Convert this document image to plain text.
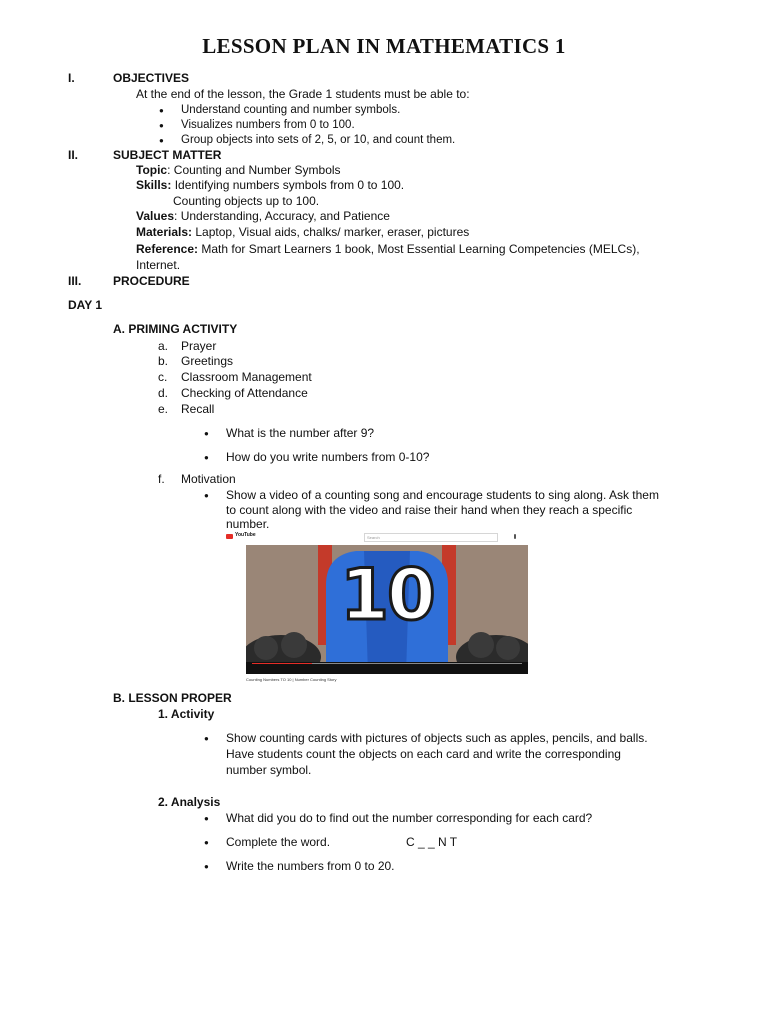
LESSON PLAN IN MATHEMATICS 1
I.	OBJECTIVES
At the end of the lesson, the Grade 1 students must be able to:
● Understand counting and number symbols.
● Visualizes numbers from 0 to 100.
● Group objects into sets of 2, 5, or 10, and count them.
II.	SUBJECT MATTER
Topic: Counting and Number Symbols
Skills: Identifying numbers symbols from 0 to 100.
Counting objects up to 100.
Values: Understanding, Accuracy, and Patience
Materials: Laptop, Visual aids, chalks/ marker, eraser, pictures
Reference: Math for Smart Learners 1 book, Most Essential Learning Competencies (MELCs),
Internet.
III.	PROCEDURE
DAY 1
A. PRIMING ACTIVITY
a. Prayer
b. Greetings
c. Classroom Management
d. Checking of Attendance
e. Recall
● What is the number after 9?
● How do you write numbers from 0-10?
f. Motivation
● Show a video of a counting song and encourage students to sing along. Ask them
to count along with the video and raise their hand when they reach a specific
number.
YouTube	Search
10
Counting Numbers TO 10 | Number Counting Story
B. LESSON PROPER
1. Activity
● Show counting cards with pictures of objects such as apples, pencils, and balls.
Have students count the objects on each card and write the corresponding
number symbol.
2. Analysis
● What did you do to find out the number corresponding for each card?
● Complete the word.	C _ _ N T
● Write the numbers from 0 to 20.
